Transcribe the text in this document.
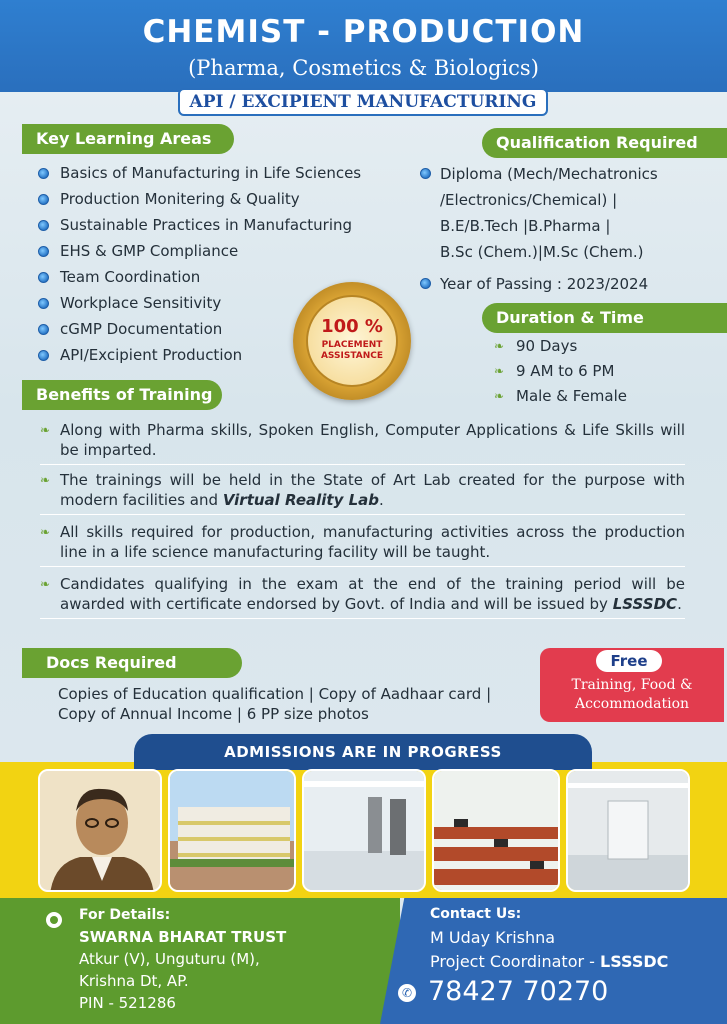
CHEMIST - PRODUCTION
(Pharma, Cosmetics & Biologics)
API / EXCIPIENT MANUFACTURING
Key Learning Areas
Basics of Manufacturing in Life Sciences
Production Monitering & Quality
Sustainable Practices in Manufacturing
EHS & GMP Compliance
Team Coordination
Workplace Sensitivity
cGMP Documentation
API/Excipient Production
Qualification Required
Diploma (Mech/Mechatronics
/Electronics/Chemical) |
B.E/B.Tech |B.Pharma |
B.Sc (Chem.)|M.Sc (Chem.)
Year of Passing : 2023/2024
100 %
PLACEMENT
ASSISTANCE
Duration & Time
❧ 90 Days
❧ 9 AM to 6 PM
❧ Male & Female
Benefits of Training
❧ Along with Pharma skills, Spoken English, Computer Applications & Life Skills will be imparted.
❧ The trainings will be held in the State of Art Lab created for the purpose with modern facilities and Virtual Reality Lab.
❧ All skills required for production, manufacturing activities across the production line in a life science manufacturing facility will be taught.
❧ Candidates qualifying in the exam at the end of the training period will be awarded with certificate endorsed by Govt. of India and will be issued by LSSSDC.
Docs Required
Copies of Education qualification | Copy of Aadhaar card | Copy of Annual Income | 6 PP size photos
Free
Training, Food &
Accommodation
ADMISSIONS ARE IN PROGRESS
For Details:
SWARNA BHARAT TRUST
Atkur (V), Unguturu (M),
Krishna Dt, AP.
PIN - 521286
Contact Us:
M Uday Krishna
Project Coordinator - LSSSDC
✆ 78427 70270
